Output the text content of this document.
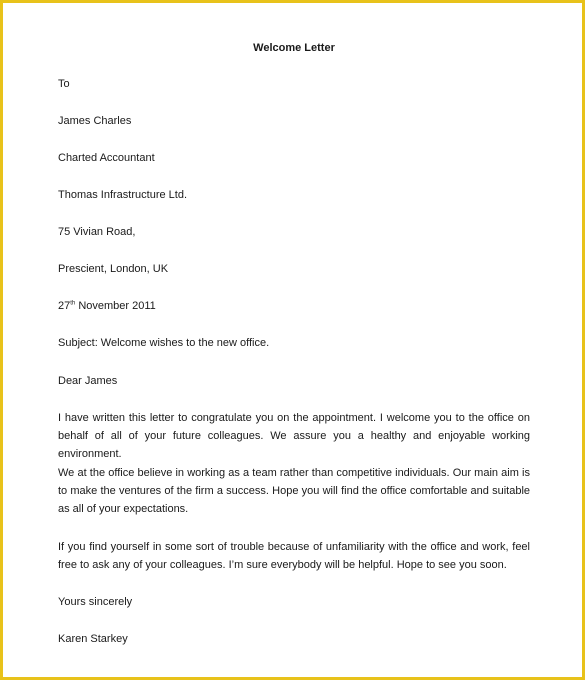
Welcome Letter
To
James Charles
Charted Accountant
Thomas Infrastructure Ltd.
75 Vivian Road,
Prescient, London, UK
27th November 2011
Subject: Welcome wishes to the new office.
Dear James
I have written this letter to congratulate you on the appointment. I welcome you to the office on behalf of all of your future colleagues. We assure you a healthy and enjoyable working environment.
We at the office believe in working as a team rather than competitive individuals. Our main aim is to make the ventures of the firm a success. Hope you will find the office comfortable and suitable as all of your expectations.
If you find yourself in some sort of trouble because of unfamiliarity with the office and work, feel free to ask any of your colleagues. I’m sure everybody will be helpful. Hope to see you soon.
Yours sincerely
Karen Starkey
